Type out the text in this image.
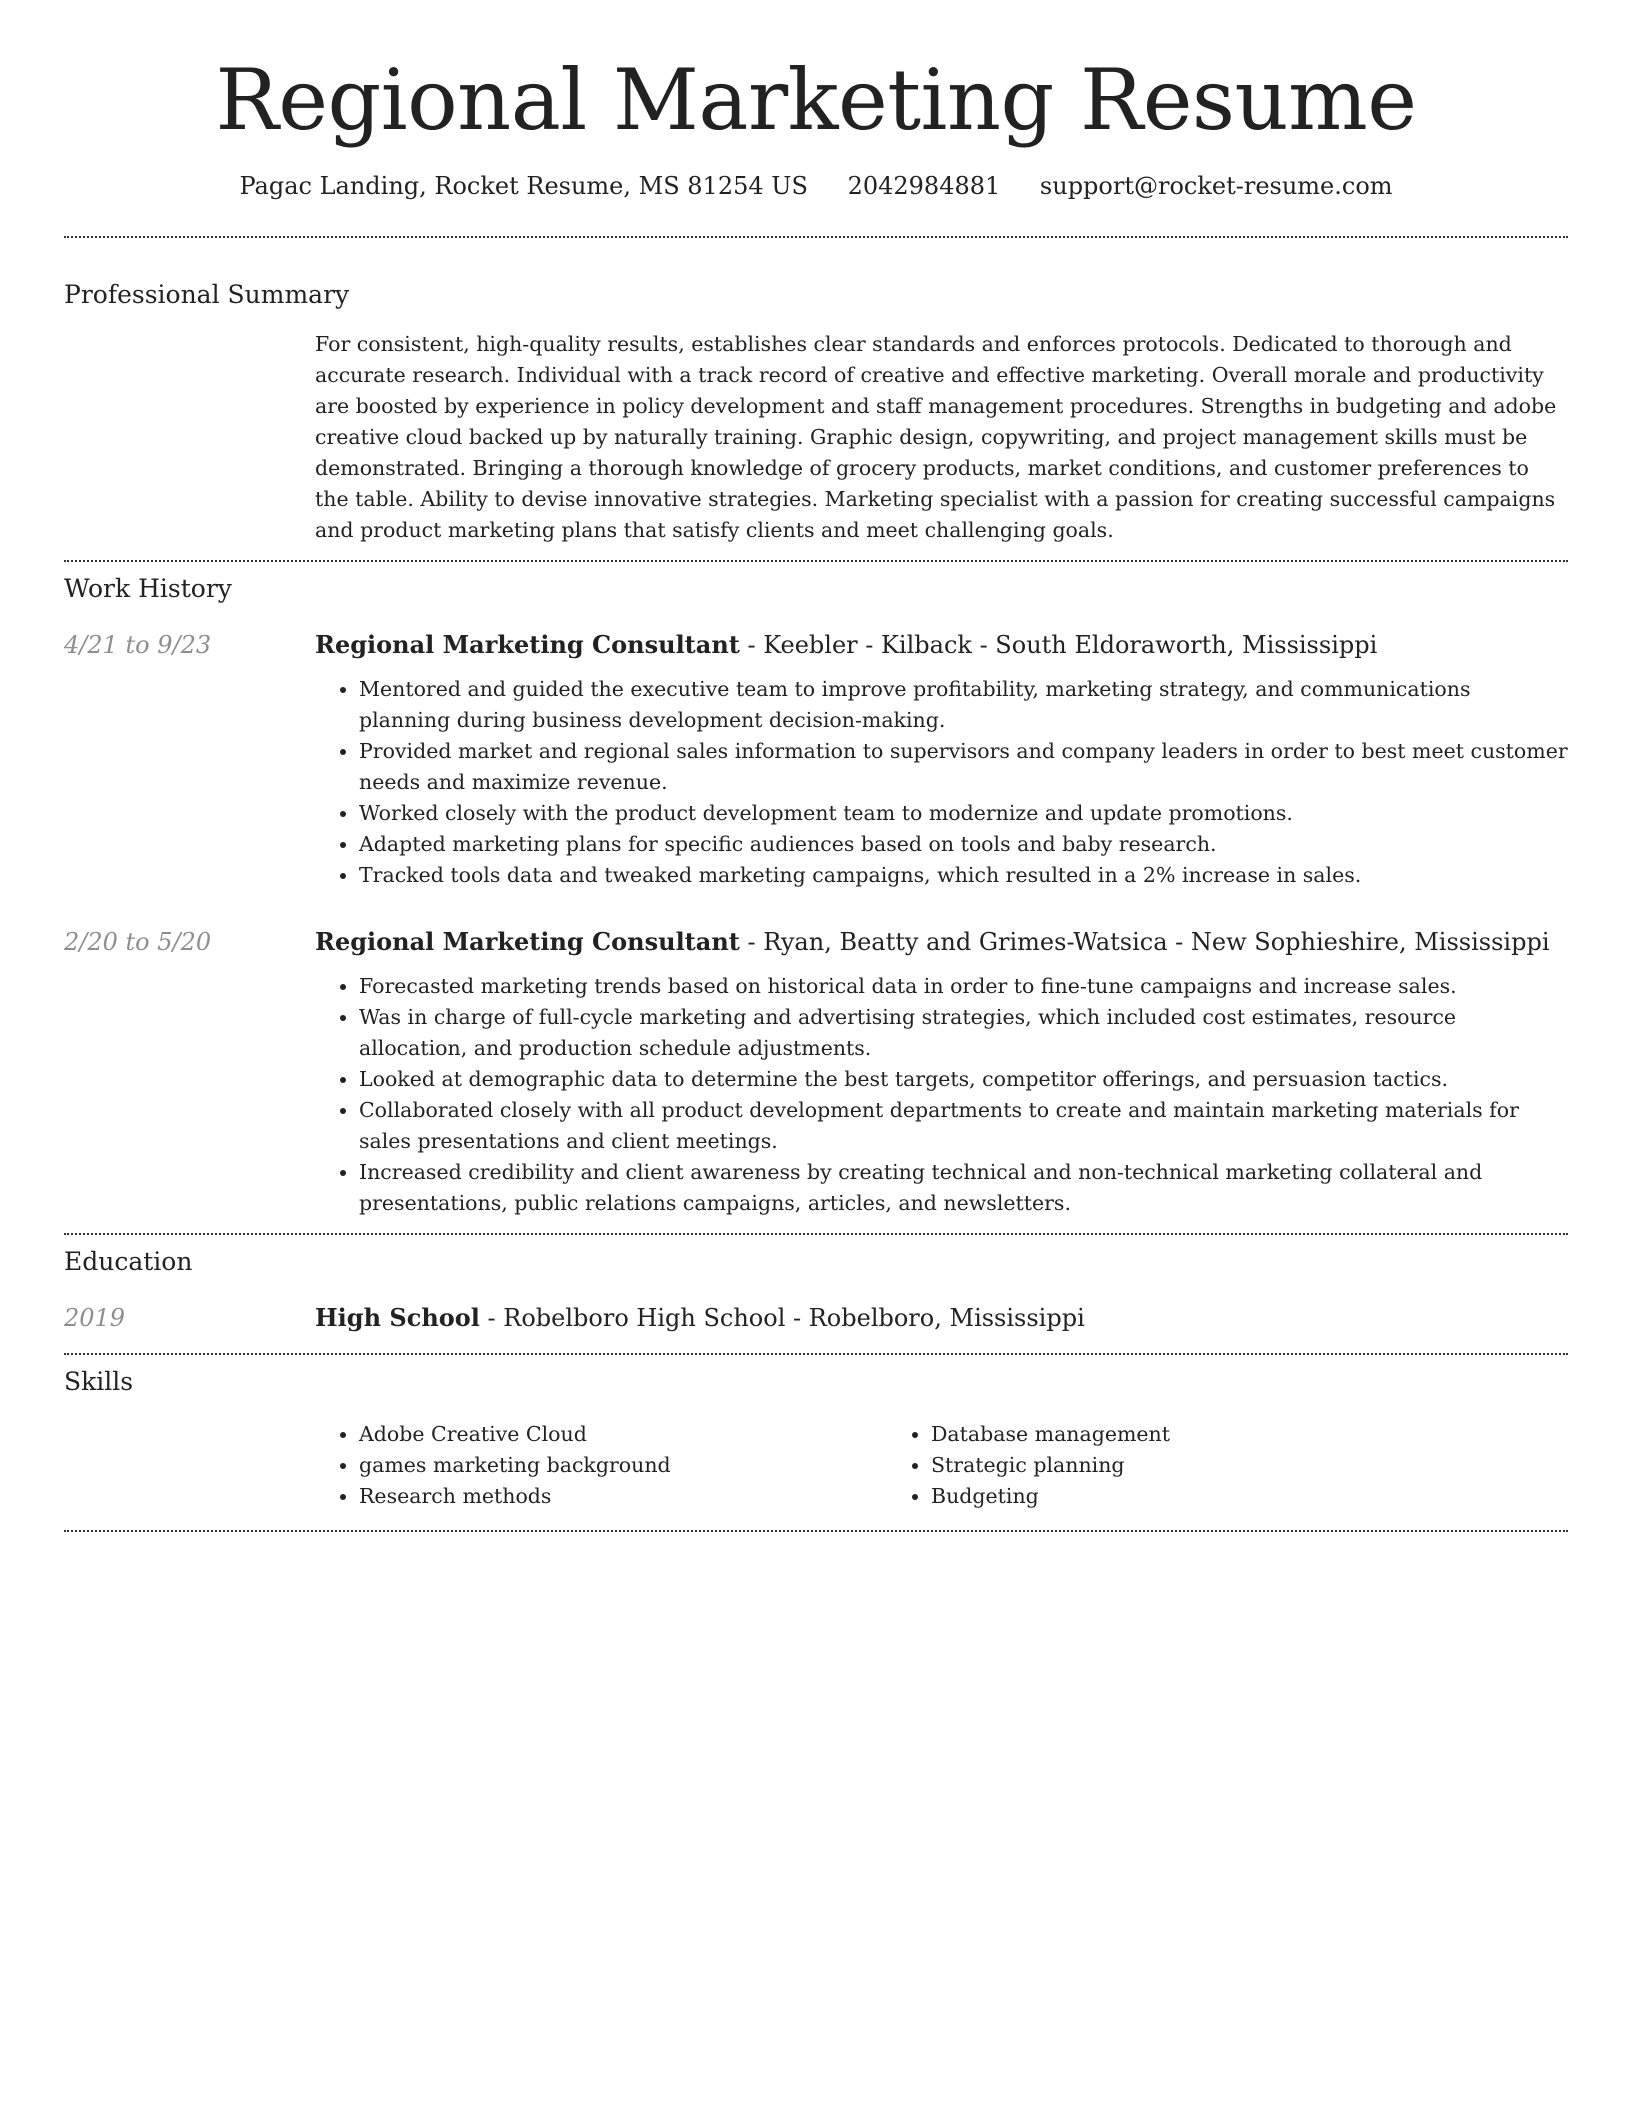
Regional Marketing Resume
Pagac Landing, Rocket Resume, MS 81254 US 2042984881 support@rocket-resume.com
Professional Summary

For consistent, high-quality results, establishes clear standards and enforces protocols. Dedicated to thorough and accurate research. Individual with a track record of creative and effective marketing. Overall morale and productivity are boosted by experience in policy development and staff management procedures. Strengths in budgeting and adobe creative cloud backed up by naturally training. Graphic design, copywriting, and project management skills must be demonstrated. Bringing a thorough knowledge of grocery products, market conditions, and customer preferences to the table. Ability to devise innovative strategies. Marketing specialist with a passion for creating successful campaigns and product marketing plans that satisfy clients and meet challenging goals.

Work History
4/21 to 9/23	Regional Marketing Consultant - Keebler - Kilback - South Eldoraworth, Mississippi
• Mentored and guided the executive team to improve profitability, marketing strategy, and communications planning during business development decision-making.
• Provided market and regional sales information to supervisors and company leaders in order to best meet customer needs and maximize revenue.
• Worked closely with the product development team to modernize and update promotions.
• Adapted marketing plans for specific audiences based on tools and baby research.
• Tracked tools data and tweaked marketing campaigns, which resulted in a 2% increase in sales.
2/20 to 5/20	Regional Marketing Consultant - Ryan, Beatty and Grimes-Watsica - New Sophieshire, Mississippi
• Forecasted marketing trends based on historical data in order to fine-tune campaigns and increase sales.
• Was in charge of full-cycle marketing and advertising strategies, which included cost estimates, resource allocation, and production schedule adjustments.
• Looked at demographic data to determine the best targets, competitor offerings, and persuasion tactics.
• Collaborated closely with all product development departments to create and maintain marketing materials for sales presentations and client meetings.
• Increased credibility and client awareness by creating technical and non-technical marketing collateral and presentations, public relations campaigns, articles, and newsletters.
Education
2019	High School - Robelboro High School - Robelboro, Mississippi
Skills
• Adobe Creative Cloud
• games marketing background
• Research methods
• Database management
• Strategic planning
• Budgeting
